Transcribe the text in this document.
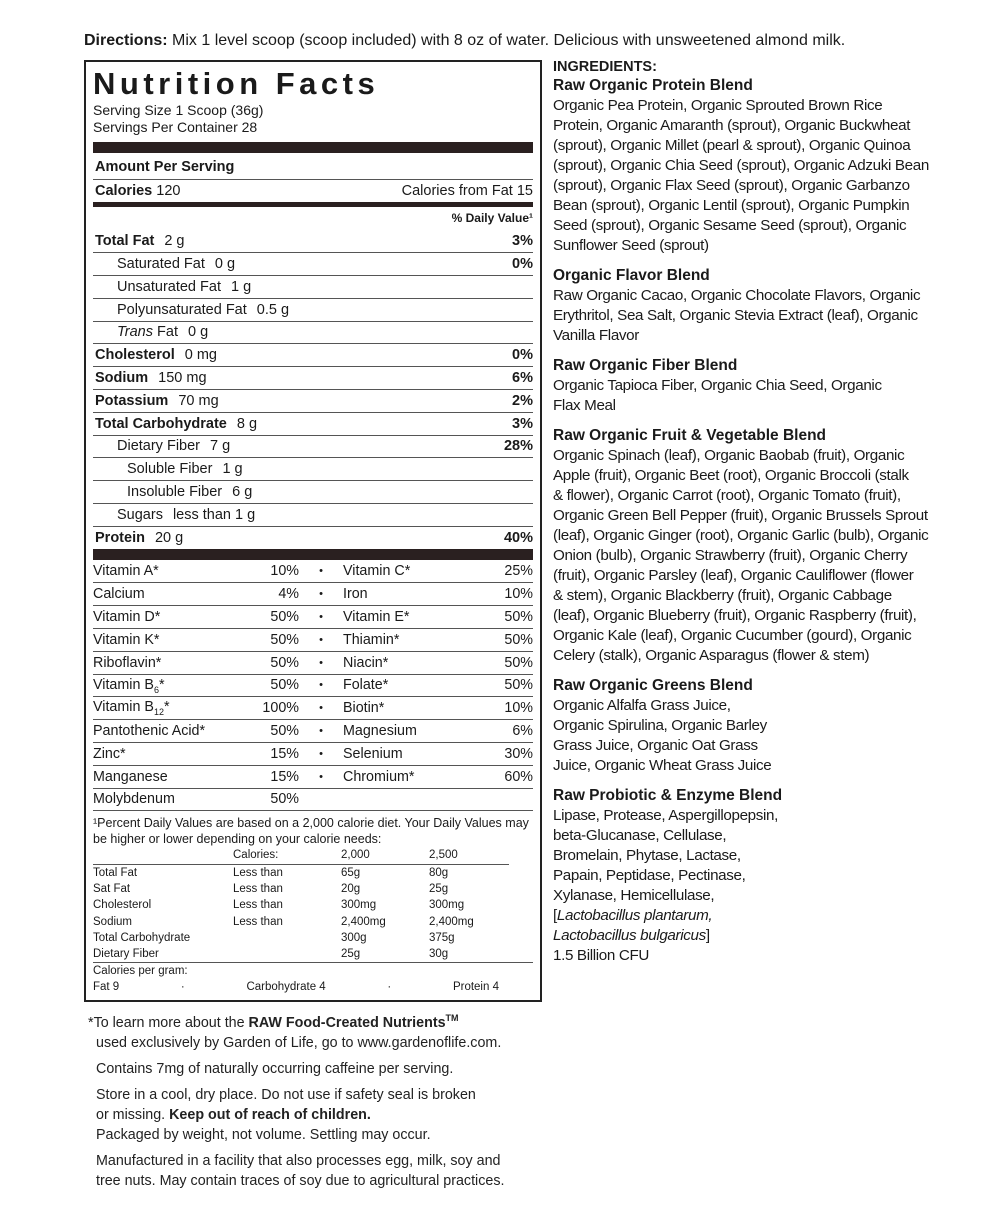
Directions: Mix 1 level scoop (scoop included) with 8 oz of water. Delicious with unsweetened almond milk.
Nutrition Facts
Serving Size 1 Scoop (36g)
Servings Per Container 28
Amount Per Serving
Calories 120	Calories from Fat 15
% Daily Value¹
Total Fat 2 g	3%
Saturated Fat 0 g	0%
Unsaturated Fat 1 g
Polyunsaturated Fat 0.5 g
Trans Fat 0 g
Cholesterol 0 mg	0%
Sodium 150 mg	6%
Potassium 70 mg	2%
Total Carbohydrate 8 g	3%
Dietary Fiber 7 g	28%
Soluble Fiber 1 g
Insoluble Fiber 6 g
Sugars less than 1 g
Protein 20 g	40%
Vitamin A*	10%	•	Vitamin C*	25%
Calcium	4%	•	Iron	10%
Vitamin D*	50%	•	Vitamin E*	50%
Vitamin K*	50%	•	Thiamin*	50%
Riboflavin*	50%	•	Niacin*	50%
Vitamin $B_6*$	50%	•	Folate*	50%
Vitamin $B_{12}*$	100%	•	Biotin*	10%
Pantothenic Acid*	50%	•	Magnesium	6%
Zinc*	15%	•	Selenium	30%
Manganese	15%	•	Chromium*	60%
Molybdenum	50%
¹Percent Daily Values are based on a 2,000 calorie diet. Your Daily Values may be higher or lower depending on your calorie needs:
Calories:	2,000	2,500
Total Fat	Less than	65g	80g
Sat Fat	Less than	20g	25g
Cholesterol	Less than	300mg	300mg
Sodium	Less than	2,400mg	2,400mg
Total Carbohydrate	300g	375g
Dietary Fiber	25g	30g
Calories per gram:
Fat 9	·	Carbohydrate 4	·	Protein 4

*To learn more about the RAW Food-Created Nutrients™
used exclusively by Garden of Life, go to www.gardenoflife.com.

Contains 7mg of naturally occurring caffeine per serving.

Store in a cool, dry place. Do not use if safety seal is broken
or missing. Keep out of reach of children.

Packaged by weight, not volume. Settling may occur.

Manufactured in a facility that also processes egg, milk, soy and
tree nuts. May contain traces of soy due to agricultural practices.

INGREDIENTS:
Raw Organic Protein Blend

Organic Pea Protein, Organic Sprouted Brown Rice

Protein, Organic Amaranth (sprout), Organic Buckwheat

(sprout), Organic Millet (pearl & sprout), Organic Quinoa

(sprout), Organic Chia Seed (sprout), Organic Adzuki Bean

(sprout), Organic Flax Seed (sprout), Organic Garbanzo

Bean (sprout), Organic Lentil (sprout), Organic Pumpkin

Seed (sprout), Organic Sesame Seed (sprout), Organic

Sunflower Seed (sprout)

Organic Flavor Blend

Raw Organic Cacao, Organic Chocolate Flavors, Organic

Erythritol, Sea Salt, Organic Stevia Extract (leaf), Organic

Vanilla Flavor

Raw Organic Fiber Blend

Organic Tapioca Fiber, Organic Chia Seed, Organic

Flax Meal

Raw Organic Fruit & Vegetable Blend

Organic Spinach (leaf), Organic Baobab (fruit), Organic

Apple (fruit), Organic Beet (root), Organic Broccoli (stalk

& flower), Organic Carrot (root), Organic Tomato (fruit),

Organic Green Bell Pepper (fruit), Organic Brussels Sprout

(leaf), Organic Ginger (root), Organic Garlic (bulb), Organic

Onion (bulb), Organic Strawberry (fruit), Organic Cherry

(fruit), Organic Parsley (leaf), Organic Cauliflower (flower

& stem), Organic Blackberry (fruit), Organic Cabbage

(leaf), Organic Blueberry (fruit), Organic Raspberry (fruit),

Organic Kale (leaf), Organic Cucumber (gourd), Organic

Celery (stalk), Organic Asparagus (flower & stem)

Raw Organic Greens Blend

Organic Alfalfa Grass Juice,

Organic Spirulina, Organic Barley

Grass Juice, Organic Oat Grass

Juice, Organic Wheat Grass Juice

Raw Probiotic & Enzyme Blend

Lipase, Protease, Aspergillopepsin,

beta-Glucanase, Cellulase,

Bromelain, Phytase, Lactase,

Papain, Peptidase, Pectinase,

Xylanase, Hemicellulase,

[Lactobacillus plantarum,

Lactobacillus bulgaricus]

1.5 Billion CFU
